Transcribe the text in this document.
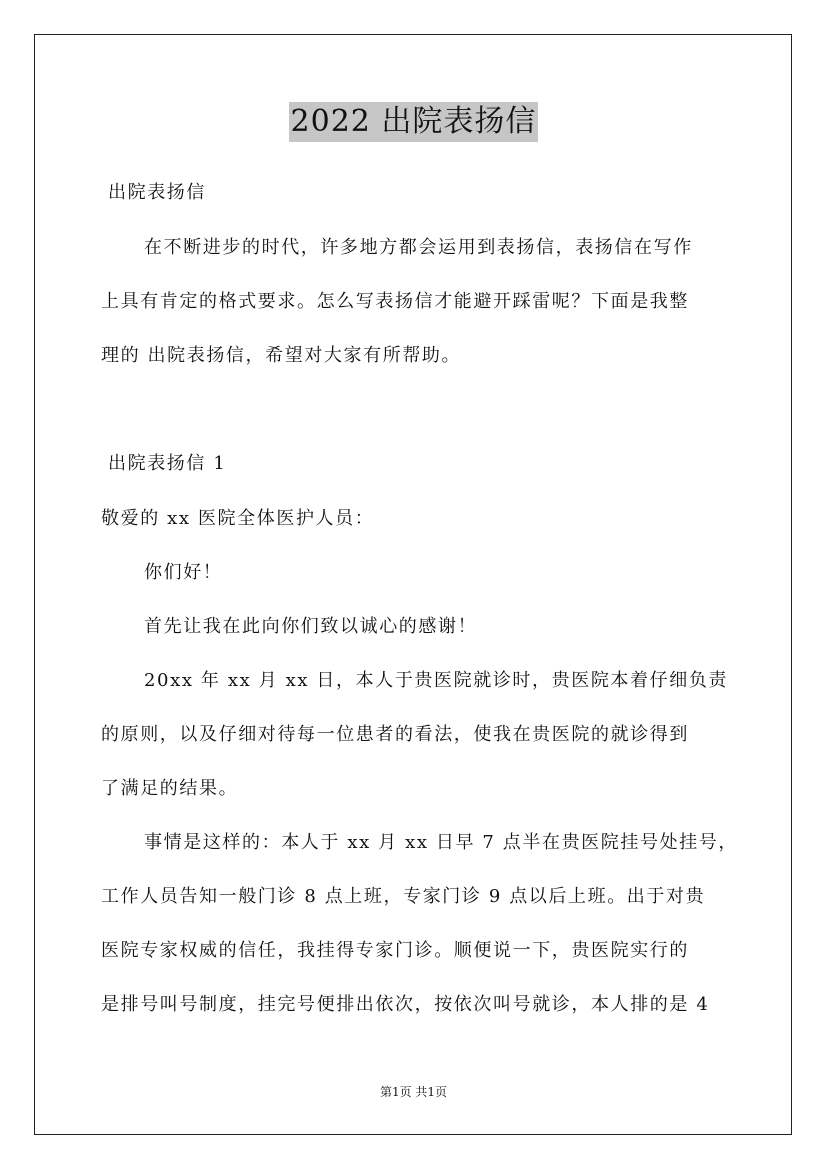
2022 出院表扬信
出院表扬信
在不断进步的时代，许多地方都会运用到表扬信，表扬信在写作
上具有肯定的格式要求。怎么写表扬信才能避开踩雷呢？下面是我整
理的 出院表扬信，希望对大家有所帮助。
出院表扬信 1
敬爱的 xx 医院全体医护人员：
你们好！
首先让我在此向你们致以诚心的感谢！
20xx 年 xx 月 xx 日，本人于贵医院就诊时，贵医院本着仔细负责
的原则，以及仔细对待每一位患者的看法，使我在贵医院的就诊得到
了满足的结果。
事情是这样的：本人于 xx 月 xx 日早 7 点半在贵医院挂号处挂号，
工作人员告知一般门诊 8 点上班，专家门诊 9 点以后上班。出于对贵
医院专家权威的信任，我挂得专家门诊。顺便说一下，贵医院实行的
是排号叫号制度，挂完号便排出依次，按依次叫号就诊，本人排的是 4
第1页 共1页
